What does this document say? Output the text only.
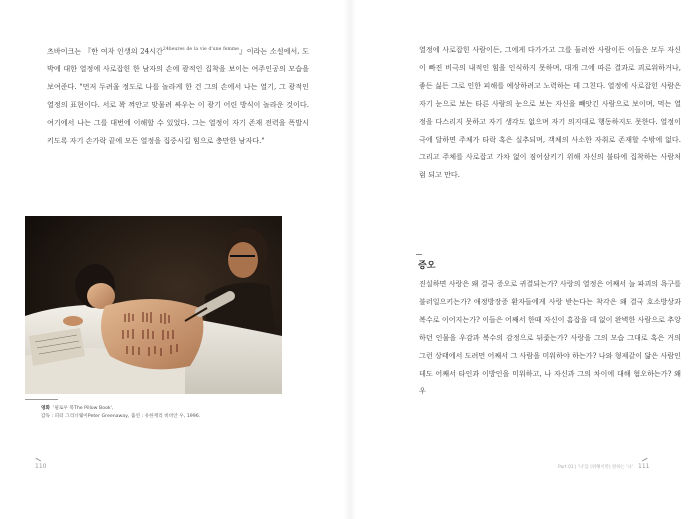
츠바이크는 『한 여자 인생의 24시간$^{24heures de la vie d'une femme}$』이라는 소설에서, 도박에 대한 열정에 사로잡힌 한 남자의 손에 광적인 집착을 보이는 여주인공의 모습을 보여준다. "먼저 두려울 정도로 나를 놀라게 한 건 그의 손에서 나는 열기, 그 광적인 열정의 표현이다. 서로 꽉 껴안고 맞물려 싸우는 이 광기 어린 방식이 놀라운 것이다. 여기에서 나는 그를 대번에 이해할 수 있었다. 그는 열정이 자기 존재 전력을 폭발시키도록 자기 손가락 끝에 모든 열정을 집중시킬 힘으로 충만한 남자다."
영화 '필로우 북The Pillow Book',
감독 : 피터 그리너웨이Peter Greenaway, 출연 : 유한재리 비비안 우, 1996.
110
열정에 사로잡힌 사람이든, 그에게 다가가고 그를 둘러싼 사람이든 이들은 모두 자신이 빠진 비극의 내적인 힘을 인식하지 못하며, 대개 그에 따른 결과로 괴로워하거나, 좋든 싫든 그로 인한 피해를 예상하려고 노력하는 데 그친다. 열정에 사로잡힌 사람은 자기 눈으로 보는 타른 사람의 눈으로 보는 자신을 빼앗긴 사람으로 보이며, 먹는 열정을 다스리지 못하고 자기 생각도 없으며 자기 의지대로 행동하지도 못한다. 열정이 극에 달하면 주체가 타락 혹은 실추되며, 객체의 사소한 자취로 존재할 수밖에 없다. 그리고 주체를 사로잡고 가차 없이 짐어삼키기 위해 자신의 불타에 집착하는 사람처럼 되고 만다.
증오
진실하면 사랑은 왜 결국 증오로 귀결되는가? 사랑의 열정은 어째서 늘 파괴의 욕구를 불러일으키는가? 애정방장증 환자들에게 사랑 받는다는 착각은 왜 결국 호소방상과 복수로 이어지는가? 이들은 어째서 한때 자신이 흠잡을 데 없이 완벽한 사람으로 추앙하던 인물을 우감과 복수의 감정으로 뒤좇는가? 사랑을 그의 모습 그대로 혹은 거의 그런 상태에서 도려먼 어째서 그 사람을 미워하야 하는가? 나와 형제같이 닮은 사람인데도 어째서 타인과 이방인을 미워하고, 나 자신과 그의 차이에 대해 혐오하는가? 왜 우
Part 01 | '나'를 (위해서만) 원하는 '나' 111
